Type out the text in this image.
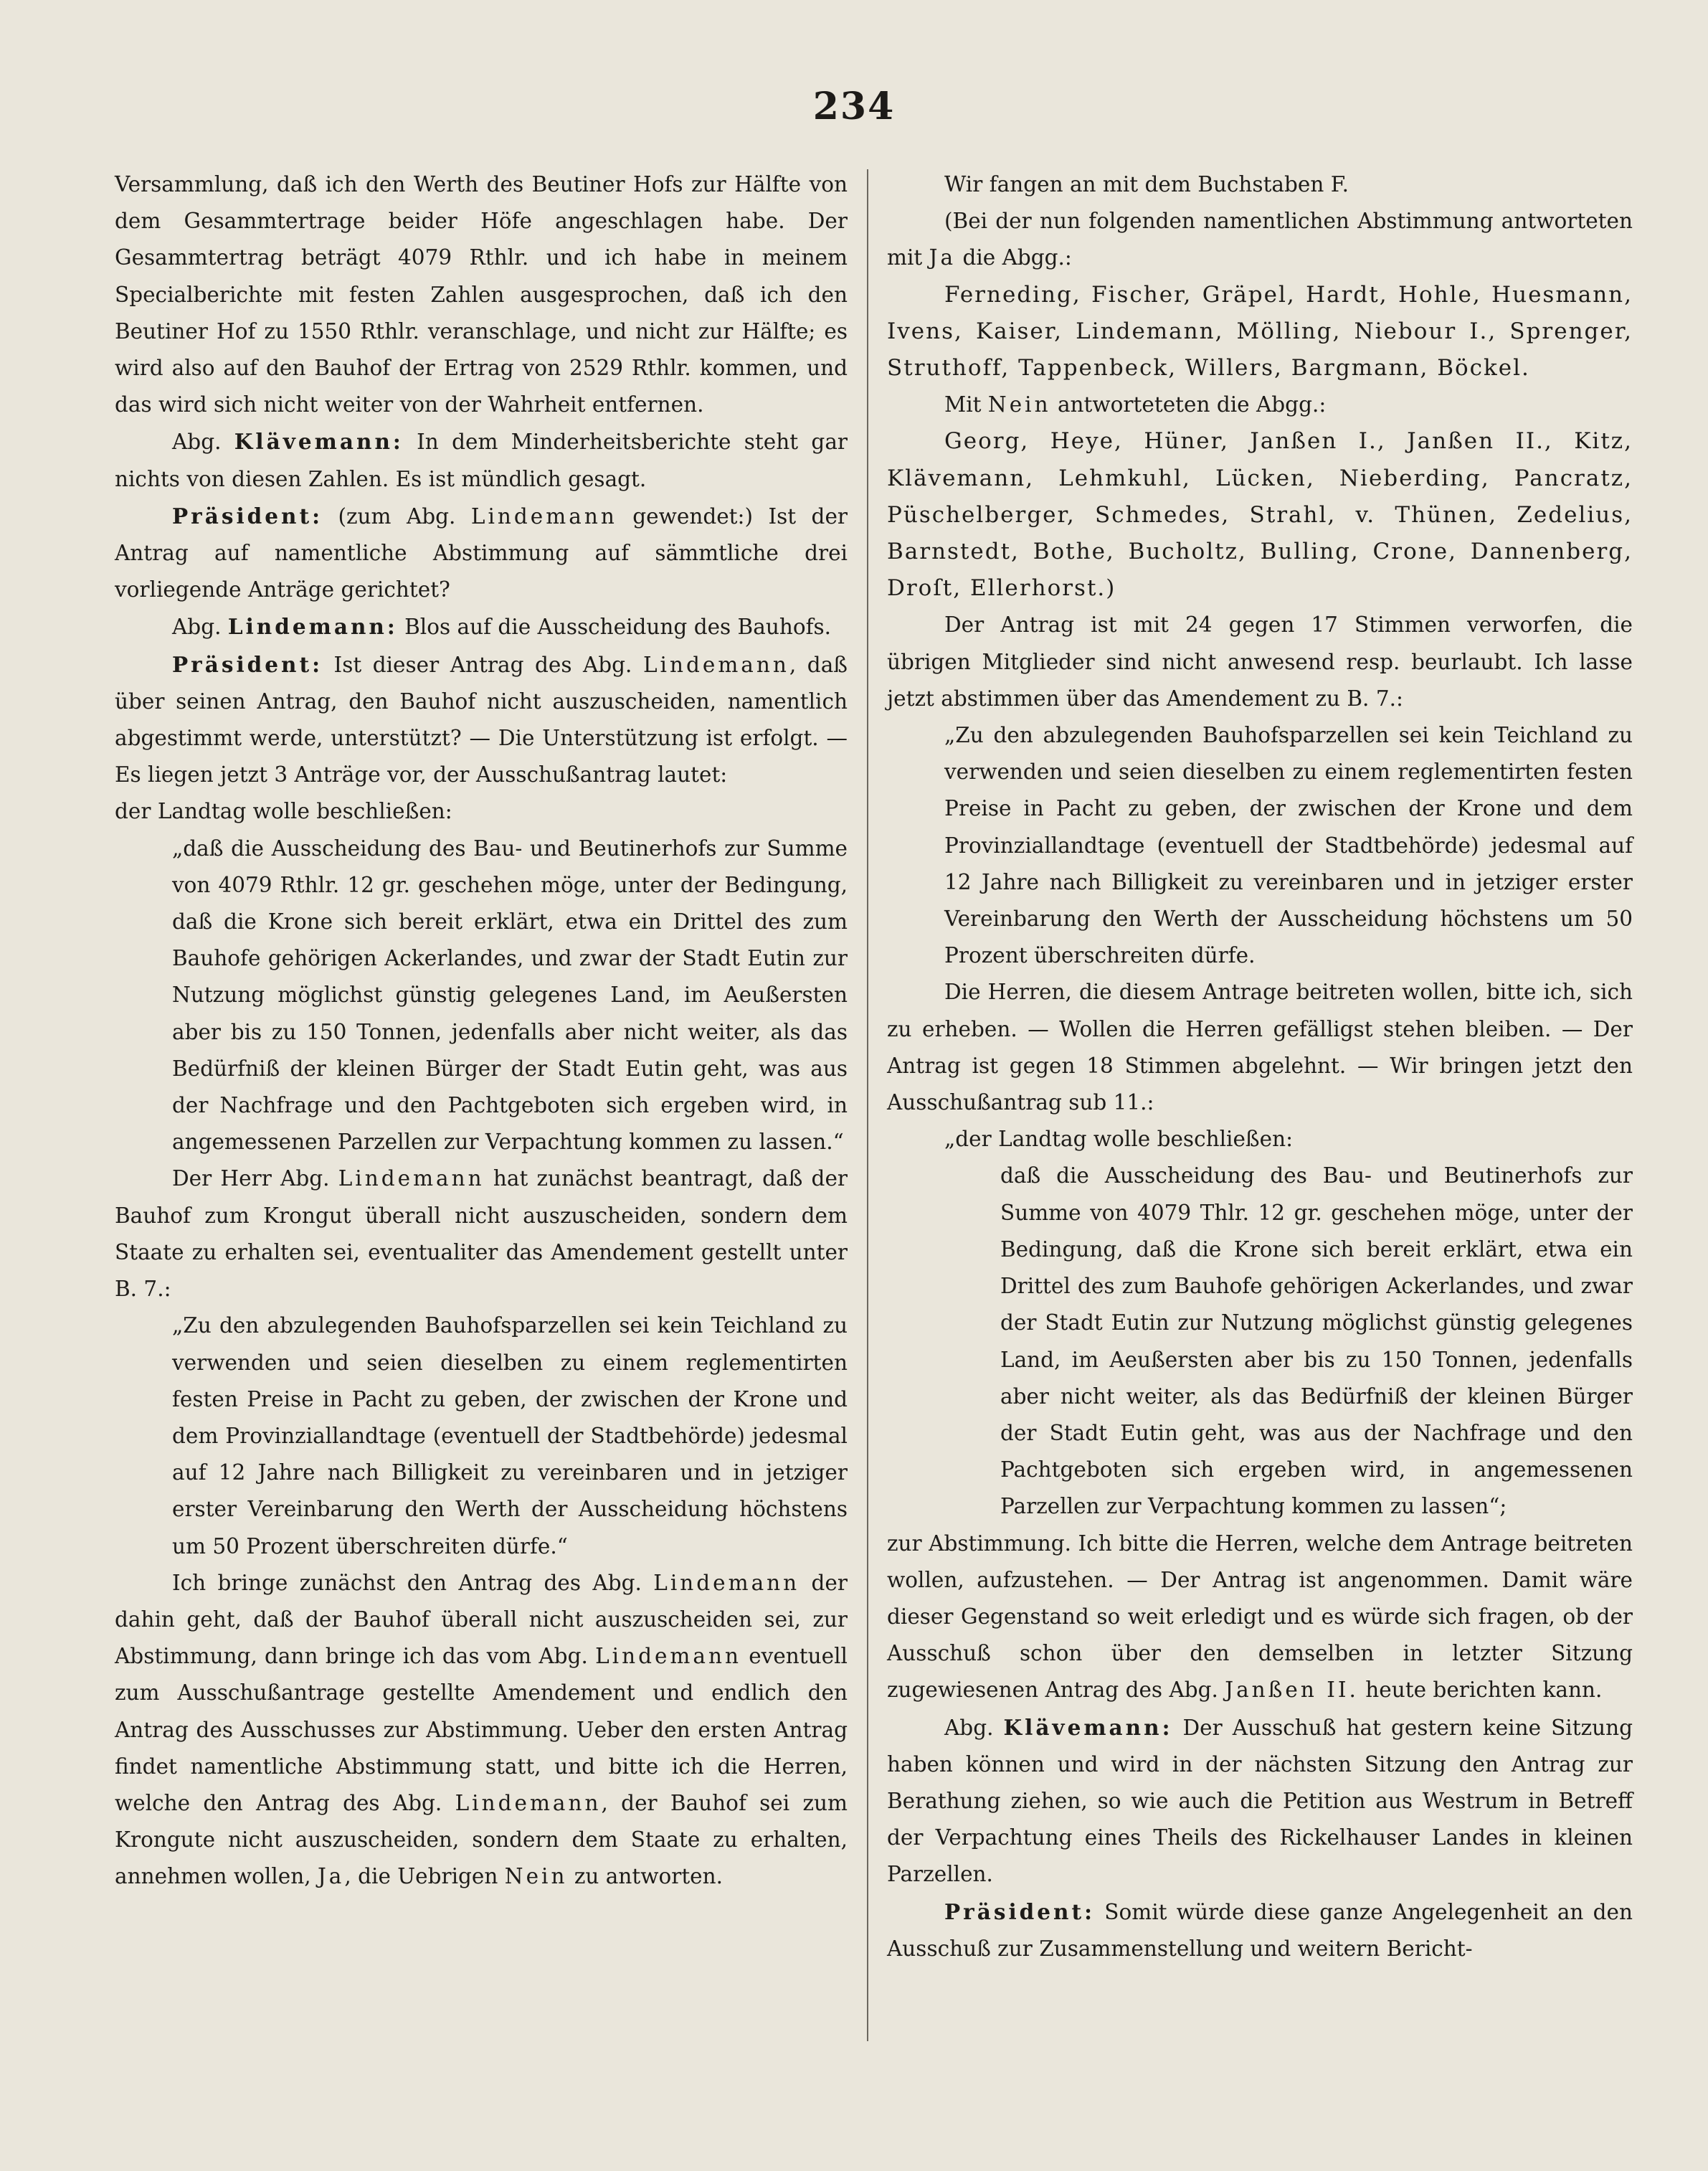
234

Versammlung, daß ich den Werth des Beutiner Hofs zur Hälfte von dem Gesammtertrage beider Höfe angeschlagen habe. Der Gesammtertrag beträgt 4079 Rthlr. und ich habe in meinem Specialberichte mit festen Zahlen ausgesprochen, daß ich den Beutiner Hof zu 1550 Rthlr. veranschlage, und nicht zur Hälfte; es wird also auf den Bauhof der Ertrag von 2529 Rthlr. kommen, und das wird sich nicht weiter von der Wahrheit entfernen.

Abg. Klävemann: In dem Minderheitsberichte steht gar nichts von diesen Zahlen. Es ist mündlich gesagt.

Präsident: (zum Abg. Lindemann gewendet:) Ist der Antrag auf namentliche Abstimmung auf sämmtliche drei vorliegende Anträge gerichtet?

Abg. Lindemann: Blos auf die Ausscheidung des Bauhofs.

Präsident: Ist dieser Antrag des Abg. Lindemann, daß über seinen Antrag, den Bauhof nicht auszuscheiden, namentlich abgestimmt werde, unterstützt? — Die Unterstützung ist erfolgt. — Es liegen jetzt 3 Anträge vor, der Ausschußantrag lautet:

der Landtag wolle beschließen:

„daß die Ausscheidung des Bau- und Beutinerhofs zur Summe von 4079 Rthlr. 12 gr. geschehen möge, unter der Bedingung, daß die Krone sich bereit erklärt, etwa ein Drittel des zum Bauhofe gehörigen Ackerlandes, und zwar der Stadt Eutin zur Nutzung möglichst günstig gelegenes Land, im Aeußersten aber bis zu 150 Tonnen, jedenfalls aber nicht weiter, als das Bedürfniß der kleinen Bürger der Stadt Eutin geht, was aus der Nachfrage und den Pachtgeboten sich ergeben wird, in angemessenen Parzellen zur Verpachtung kommen zu lassen.“

Der Herr Abg. Lindemann hat zunächst beantragt, daß der Bauhof zum Krongut überall nicht auszuscheiden, sondern dem Staate zu erhalten sei, eventualiter das Amendement gestellt unter B. 7.:

„Zu den abzulegenden Bauhofsparzellen sei kein Teichland zu verwenden und seien dieselben zu einem reglementirten festen Preise in Pacht zu geben, der zwischen der Krone und dem Provinziallandtage (eventuell der Stadtbehörde) jedesmal auf 12 Jahre nach Billigkeit zu vereinbaren und in jetziger erster Vereinbarung den Werth der Ausscheidung höchstens um 50 Prozent überschreiten dürfe.“

Ich bringe zunächst den Antrag des Abg. Lindemann der dahin geht, daß der Bauhof überall nicht auszuscheiden sei, zur Abstimmung, dann bringe ich das vom Abg. Lindemann eventuell zum Ausschußantrage gestellte Amendement und endlich den Antrag des Ausschusses zur Abstimmung. Ueber den ersten Antrag findet namentliche Abstimmung statt, und bitte ich die Herren, welche den Antrag des Abg. Lindemann, der Bauhof sei zum Krongute nicht auszuscheiden, sondern dem Staate zu erhalten, annehmen wollen, Ja, die Uebrigen Nein zu antworten.

Wir fangen an mit dem Buchstaben F.

(Bei der nun folgenden namentlichen Abstimmung antworteten mit Ja die Abgg.:

Ferneding, Fischer, Gräpel, Hardt, Hohle, Huesmann, Ivens, Kaiser, Lindemann, Mölling, Niebour I., Sprenger, Struthoff, Tappenbeck, Willers, Bargmann, Böckel.

Mit Nein antworteteten die Abgg.:

Georg, Heye, Hüner, Janßen I., Janßen II., Kitz, Klävemann, Lehmkuhl, Lücken, Nieberding, Pancratz, Püschelberger, Schmedes, Strahl, v. Thünen, Zedelius, Barnstedt, Bothe, Bucholtz, Bulling, Crone, Dannenberg, Droſt, Ellerhorst.)

Der Antrag ist mit 24 gegen 17 Stimmen verworfen, die übrigen Mitglieder sind nicht anwesend resp. beurlaubt. Ich lasse jetzt abstimmen über das Amendement zu B. 7.:

„Zu den abzulegenden Bauhofsparzellen sei kein Teichland zu verwenden und seien dieselben zu einem reglementirten festen Preise in Pacht zu geben, der zwischen der Krone und dem Provinziallandtage (eventuell der Stadtbehörde) jedesmal auf 12 Jahre nach Billigkeit zu vereinbaren und in jetziger erster Vereinbarung den Werth der Ausscheidung höchstens um 50 Prozent überschreiten dürfe.

Die Herren, die diesem Antrage beitreten wollen, bitte ich, sich zu erheben. — Wollen die Herren gefälligst stehen bleiben. — Der Antrag ist gegen 18 Stimmen abgelehnt. — Wir bringen jetzt den Ausschußantrag sub 11.:

„der Landtag wolle beschließen:

daß die Ausscheidung des Bau- und Beutinerhofs zur Summe von 4079 Thlr. 12 gr. geschehen möge, unter der Bedingung, daß die Krone sich bereit erklärt, etwa ein Drittel des zum Bauhofe gehörigen Ackerlandes, und zwar der Stadt Eutin zur Nutzung möglichst günstig gelegenes Land, im Aeußersten aber bis zu 150 Tonnen, jedenfalls aber nicht weiter, als das Bedürfniß der kleinen Bürger der Stadt Eutin geht, was aus der Nachfrage und den Pachtgeboten sich ergeben wird, in angemessenen Parzellen zur Verpachtung kommen zu lassen“;

zur Abstimmung. Ich bitte die Herren, welche dem Antrage beitreten wollen, aufzustehen. — Der Antrag ist angenommen. Damit wäre dieser Gegenstand so weit erledigt und es würde sich fragen, ob der Ausschuß schon über den demselben in letzter Sitzung zugewiesenen Antrag des Abg. Janßen II. heute berichten kann.

Abg. Klävemann: Der Ausschuß hat gestern keine Sitzung haben können und wird in der nächsten Sitzung den Antrag zur Berathung ziehen, so wie auch die Petition aus Westrum in Betreff der Verpachtung eines Theils des Rickelhauser Landes in kleinen Parzellen.

Präsident: Somit würde diese ganze Angelegenheit an den Ausschuß zur Zusammenstellung und weitern Bericht-
